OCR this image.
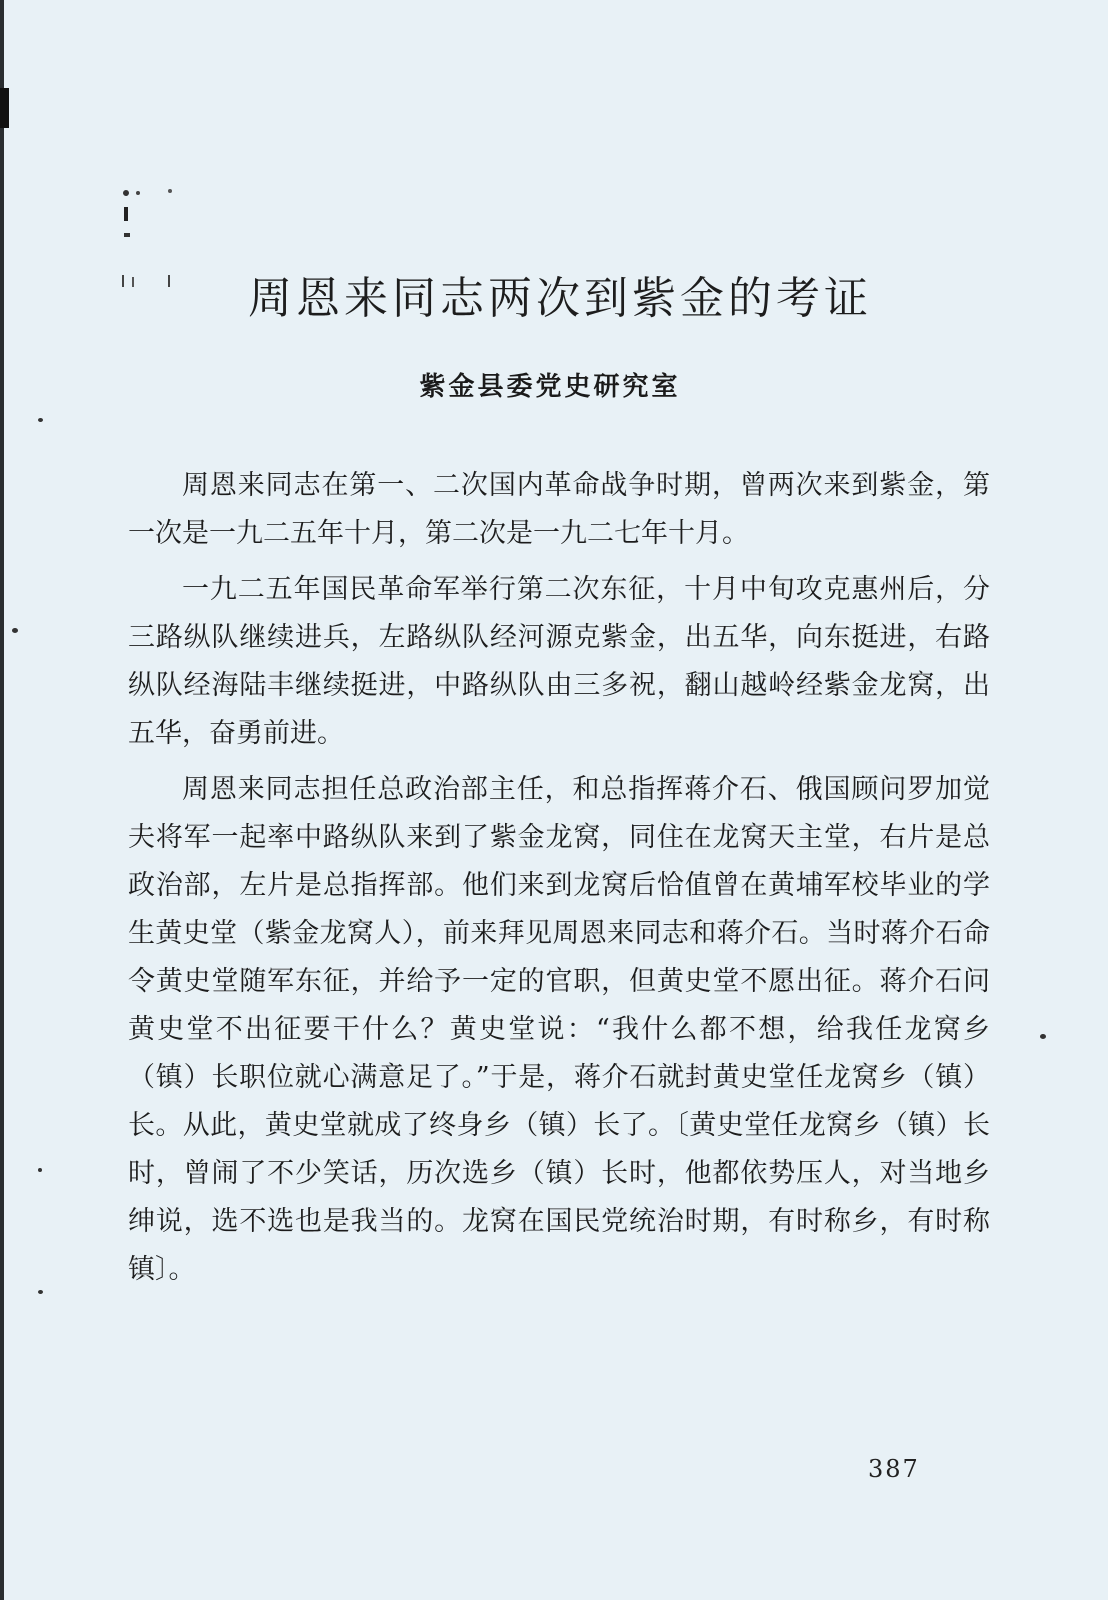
周恩来同志两次到紫金的考证
紫金县委党史研究室

周恩来同志在第一、二次国内革命战争时期，曾两次来到紫金，第一次是一九二五年十月，第二次是一九二七年十月。

一九二五年国民革命军举行第二次东征，十月中旬攻克惠州后，分三路纵队继续进兵，左路纵队经河源克紫金，出五华，向东挺进，右路纵队经海陆丰继续挺进，中路纵队由三多祝，翻山越岭经紫金龙窝，出五华，奋勇前进。

周恩来同志担任总政治部主任，和总指挥蒋介石、俄国顾问罗加觉夫将军一起率中路纵队来到了紫金龙窝，同住在龙窝天主堂，右片是总政治部，左片是总指挥部。他们来到龙窝后恰值曾在黄埔军校毕业的学生黄史堂（紫金龙窝人），前来拜见周恩来同志和蒋介石。当时蒋介石命令黄史堂随军东征，并给予一定的官职，但黄史堂不愿出征。蒋介石问黄史堂不出征要干什么？黄史堂说：“我什么都不想，给我任龙窝乡（镇）长职位就心满意足了。”于是，蒋介石就封黄史堂任龙窝乡（镇）长。从此，黄史堂就成了终身乡（镇）长了。〔黄史堂任龙窝乡（镇）长时，曾闹了不少笑话，历次选乡（镇）长时，他都依势压人，对当地乡绅说，选不选也是我当的。龙窝在国民党统治时期，有时称乡，有时称镇〕。

387
